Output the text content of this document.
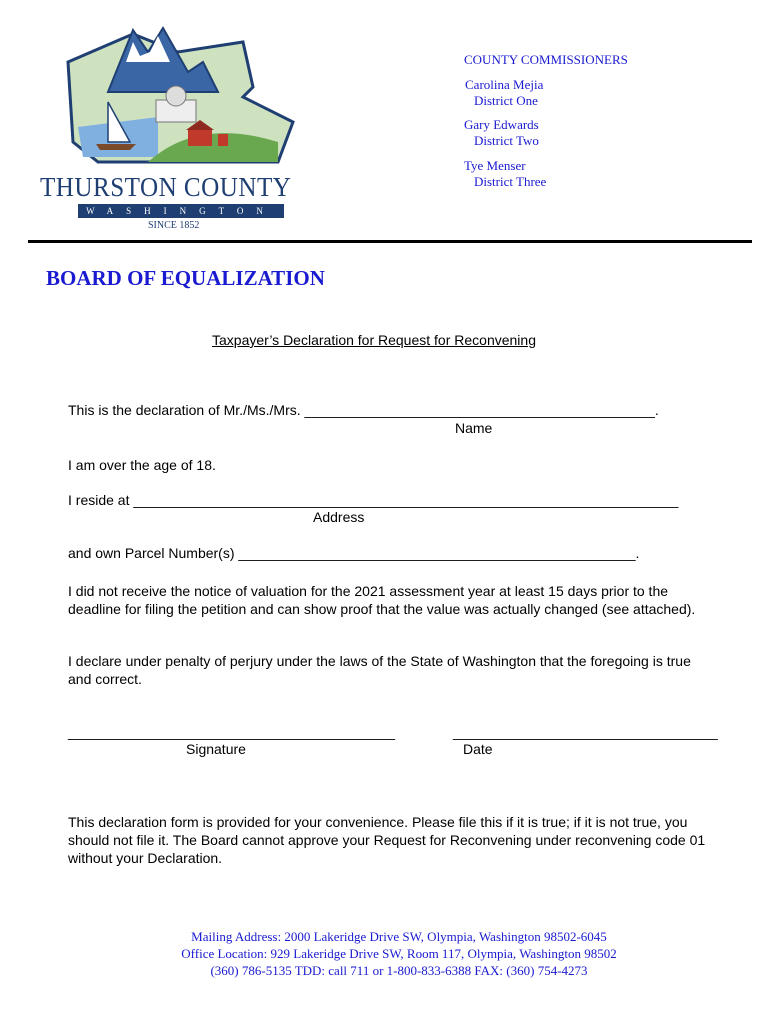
THURSTON COUNTY
WASHINGTON
SINCE 1852
COUNTY COMMISSIONERS
Carolina Mejia
District One
Gary Edwards
District Two
Tye Menser
District Three
BOARD OF EQUALIZATION
Taxpayer’s Declaration for Request for Reconvening
This is the declaration of Mr./Ms./Mrs. _____________________________________________.
Name
I am over the age of 18.
I reside at ______________________________________________________________________
Address
and own Parcel Number(s) ___________________________________________________.
I did not receive the notice of valuation for the 2021 assessment year at least 15 days prior to the deadline for filing the petition and can show proof that the value was actually changed (see attached).
I declare under penalty of perjury under the laws of the State of Washington that the foregoing is true and correct.
__________________________________________
Signature
__________________________________
Date
This declaration form is provided for your convenience. Please file this if it is true; if it is not true, you should not file it. The Board cannot approve your Request for Reconvening under reconvening code 01 without your Declaration.
Mailing Address: 2000 Lakeridge Drive SW, Olympia, Washington 98502-6045
Office Location: 929 Lakeridge Drive SW, Room 117, Olympia, Washington 98502
(360) 786-5135 TDD: call 711 or 1-800-833-6388 FAX: (360) 754-4273
